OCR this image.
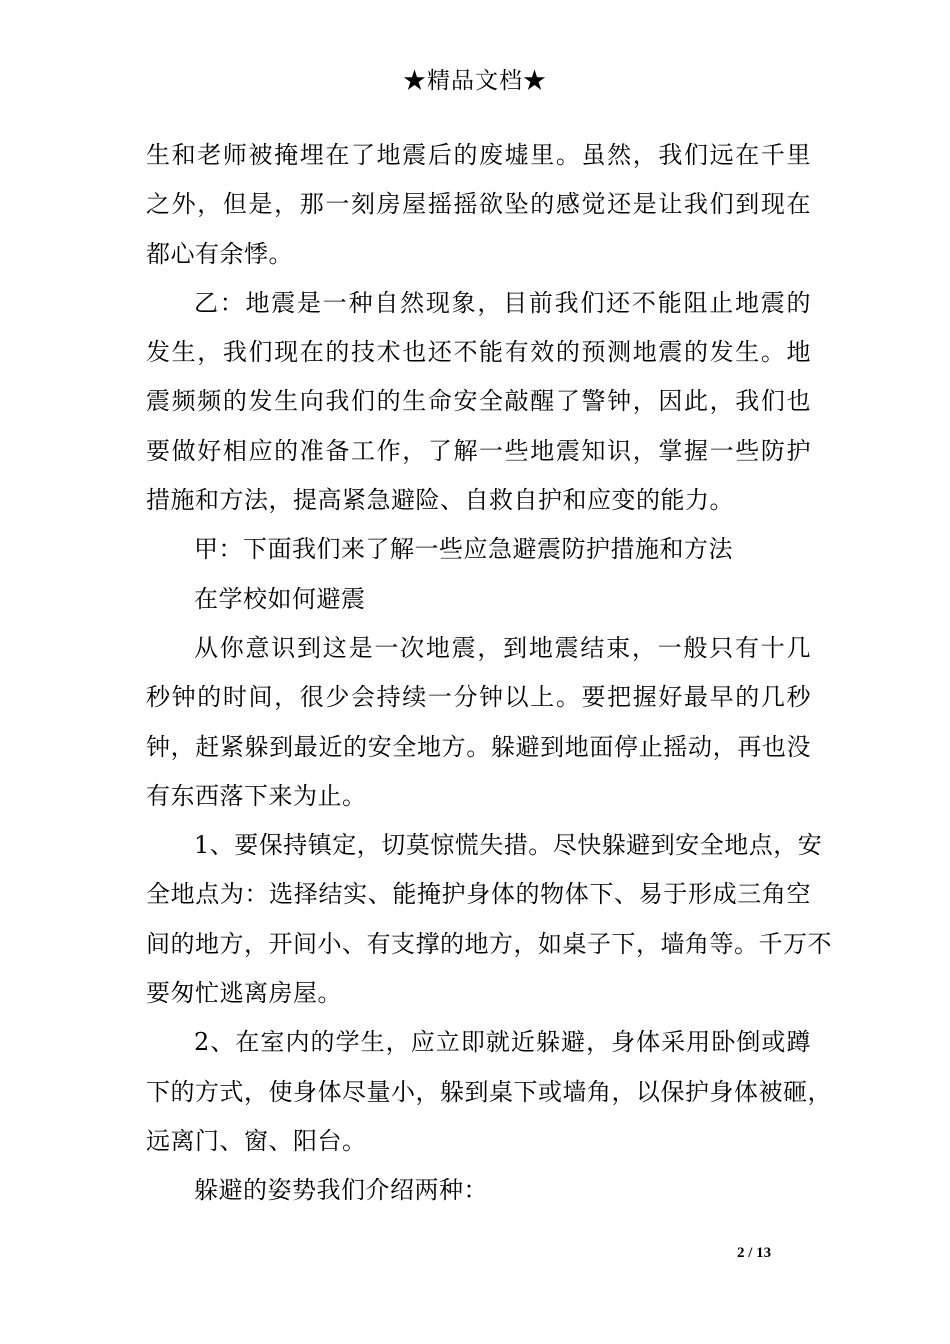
★精品文档★
生和老师被掩埋在了地震后的废墟里。虽然，我们远在千里
之外，但是，那一刻房屋摇摇欲坠的感觉还是让我们到现在
都心有余悸。
乙：地震是一种自然现象，目前我们还不能阻止地震的
发生，我们现在的技术也还不能有效的预测地震的发生。地
震频频的发生向我们的生命安全敲醒了警钟，因此，我们也
要做好相应的准备工作，了解一些地震知识，掌握一些防护
措施和方法，提高紧急避险、自救自护和应变的能力。
甲：下面我们来了解一些应急避震防护措施和方法
在学校如何避震
从你意识到这是一次地震，到地震结束，一般只有十几
秒钟的时间，很少会持续一分钟以上。要把握好最早的几秒
钟，赶紧躲到最近的安全地方。躲避到地面停止摇动，再也没
有东西落下来为止。
1、要保持镇定，切莫惊慌失措。尽快躲避到安全地点，安
全地点为：选择结实、能掩护身体的物体下、易于形成三角空
间的地方，开间小、有支撑的地方，如桌子下，墙角等。千万不
要匆忙逃离房屋。
2、在室内的学生，应立即就近躲避，身体采用卧倒或蹲
下的方式，使身体尽量小，躲到桌下或墙角，以保护身体被砸，
远离门、窗、阳台。
躲避的姿势我们介绍两种：
2 / 13
